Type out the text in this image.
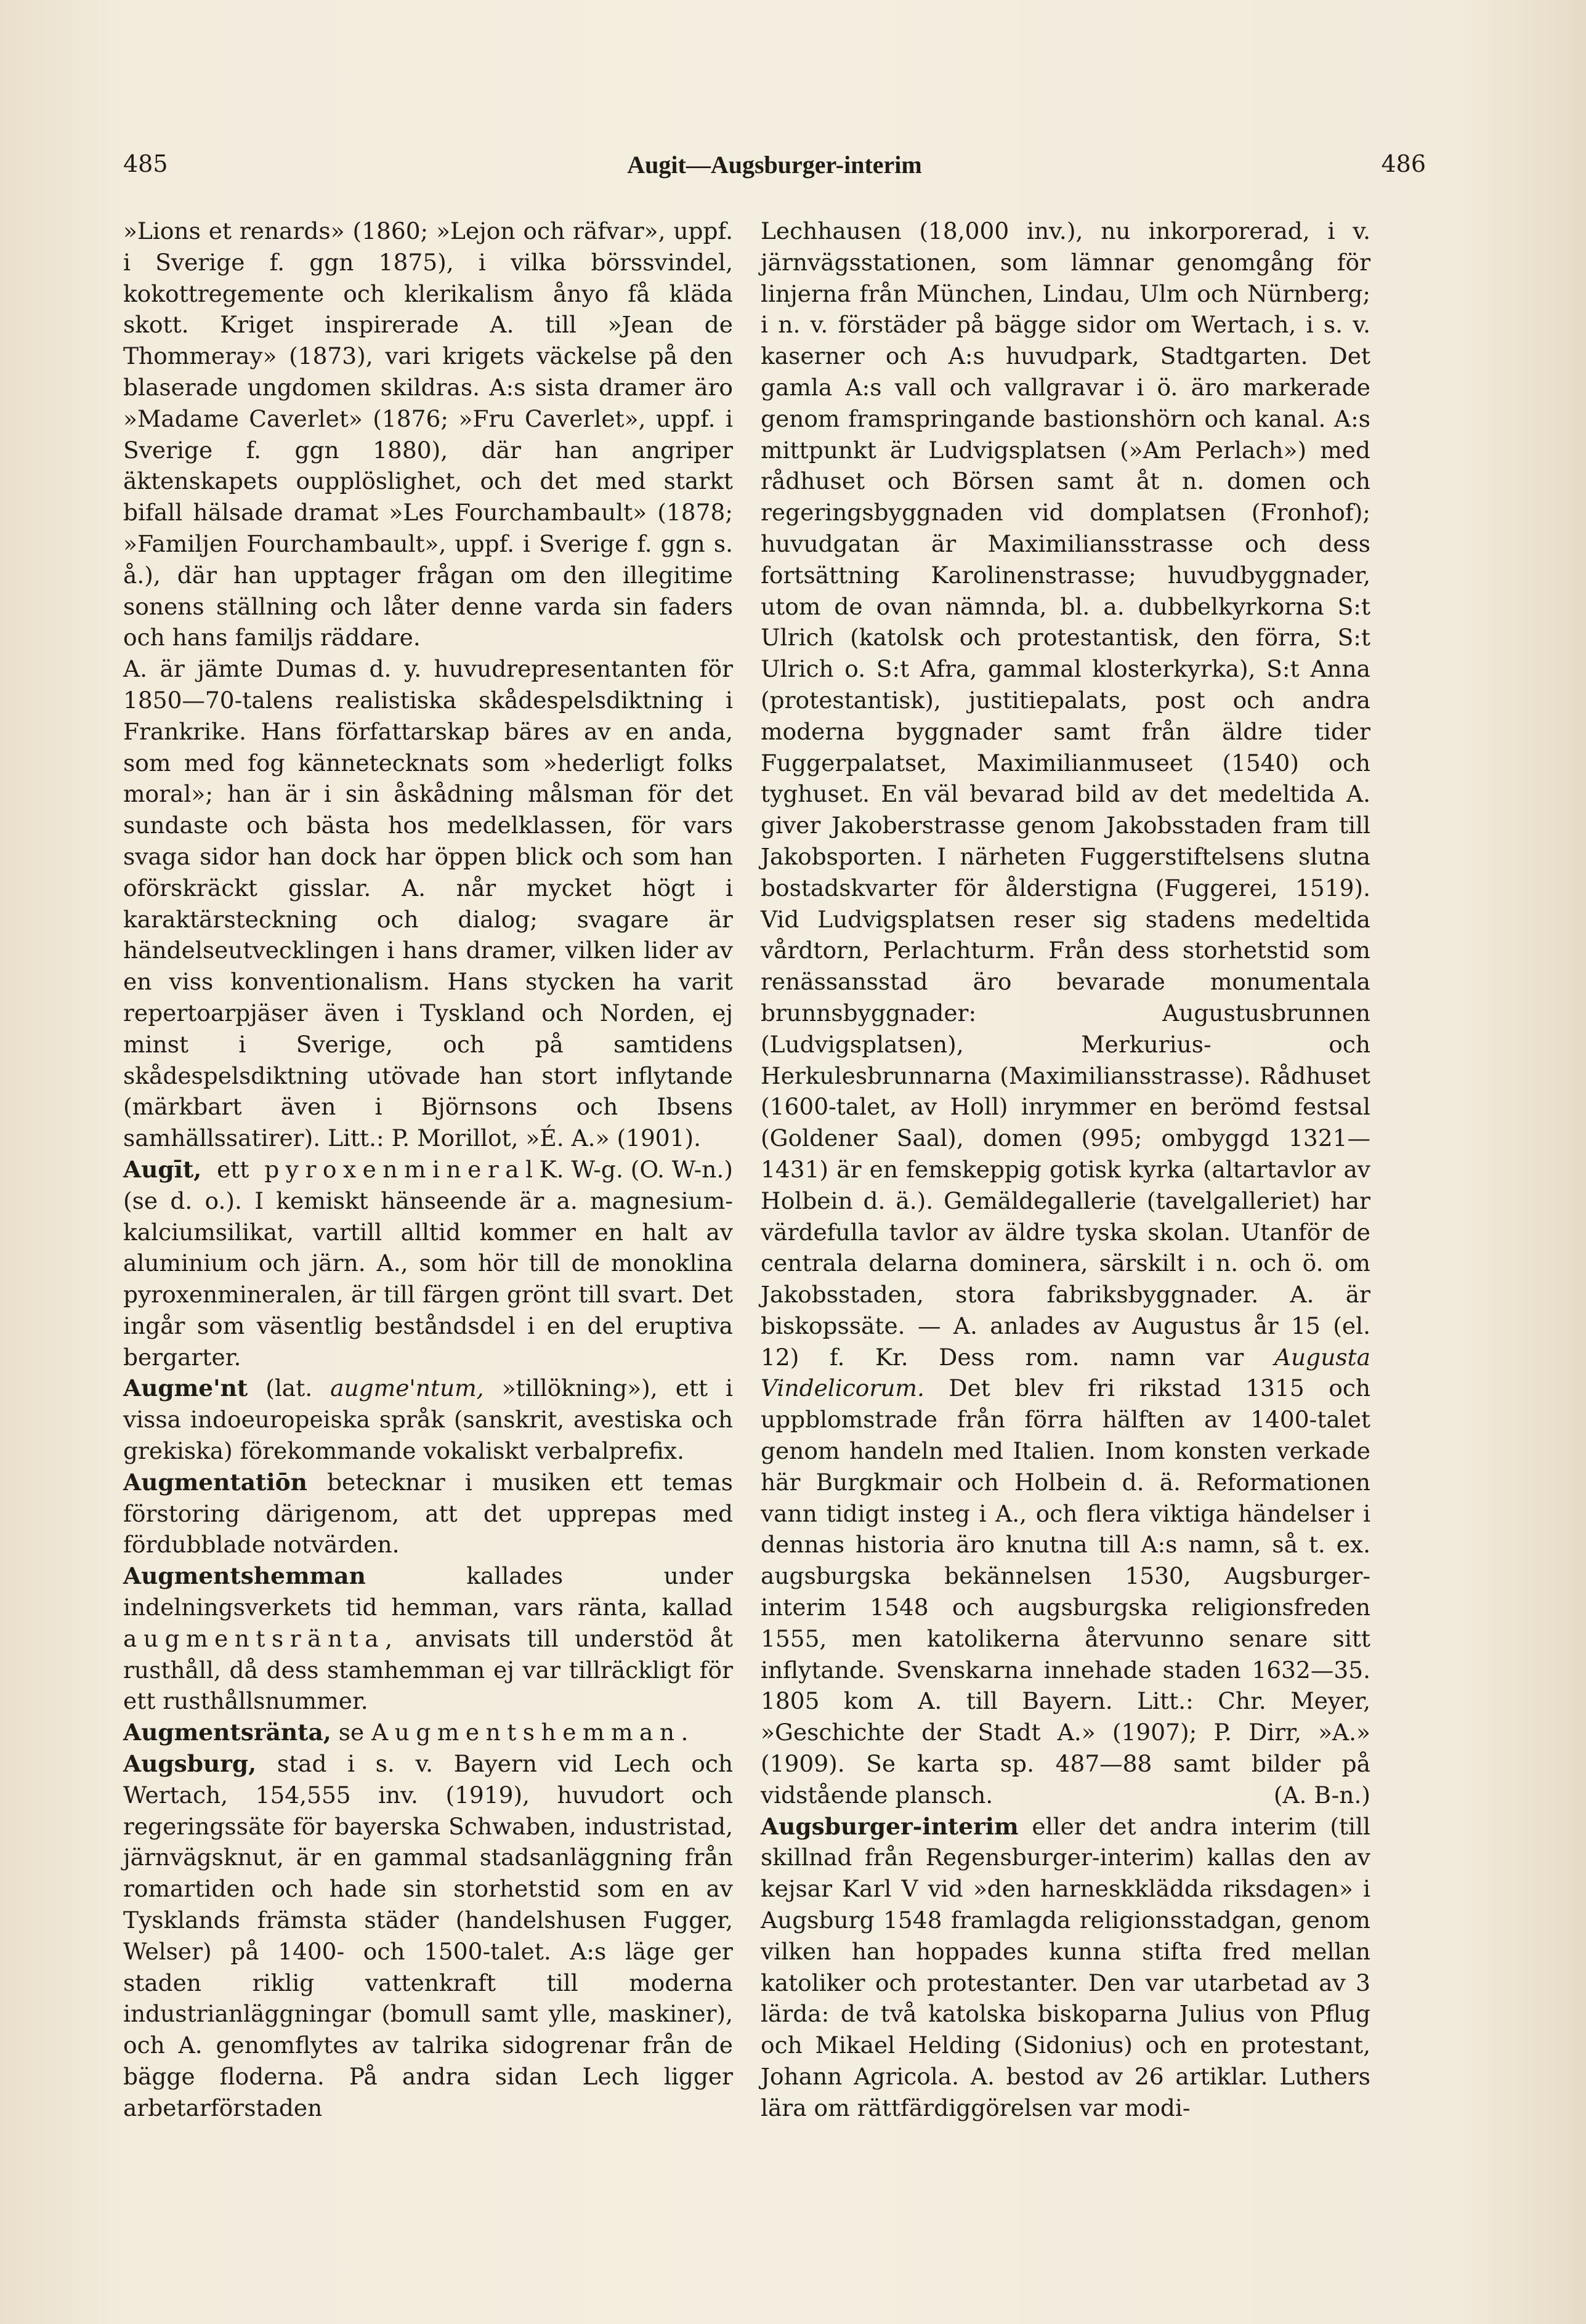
485	Augit—Augsburger-interim	486

»Lions et renards» (1860; »Lejon och räfvar», uppf. i Sverige f. ggn 1875), i vilka börssvindel, kokottregemente och klerikalism ånyo få kläda skott. Kriget inspirerade A. till »Jean de Thommeray» (1873), vari krigets väckelse på den blaserade ungdomen skildras. A:s sista dramer äro »Madame Caverlet» (1876; »Fru Caverlet», uppf. i Sverige f. ggn 1880), där han angriper äktenskapets oupplöslighet, och det med starkt bifall hälsade dramat »Les Fourchambault» (1878; »Familjen Fourchambault», uppf. i Sverige f. ggn s. å.), där han upptager frågan om den illegitime sonens ställning och låter denne varda sin faders och hans familjs räddare.

A. är jämte Dumas d. y. huvudrepresentanten för 1850—70-talens realistiska skådespelsdiktning i Frankrike. Hans författarskap bäres av en anda, som med fog kännetecknats som »hederligt folks moral»; han är i sin åskådning målsman för det sundaste och bästa hos medelklassen, för vars svaga sidor han dock har öppen blick och som han oförskräckt gisslar. A. når mycket högt i karaktärsteckning och dialog; svagare är händelseutvecklingen i hans dramer, vilken lider av en viss konventionalism. Hans stycken ha varit repertoarpjäser även i Tyskland och Norden, ej minst i Sverige, och på samtidens skådespelsdiktning utövade han stort inflytande (märkbart även i Björnsons och Ibsens samhällssatirer). Litt.: P. Morillot, »É. A.» (1901).
K. W-g. (O. W-n.)

Augīt, ett pyroxenmineral (se d. o.). I kemiskt hänseende är a. magnesium-kalciumsilikat, vartill alltid kommer en halt av aluminium och järn. A., som hör till de monoklina pyroxenmineralen, är till färgen grönt till svart. Det ingår som väsentlig beståndsdel i en del eruptiva bergarter.

Augme'nt (lat. augme'ntum, »tillökning»), ett i vissa indoeuropeiska språk (sanskrit, avestiska och grekiska) förekommande vokaliskt verbalprefix.

Augmentatiōn betecknar i musiken ett temas förstoring därigenom, att det upprepas med fördubblade notvärden.

Augmentshemman	kallades under indelningsverkets tid hemman, vars ränta, kallad augmentsränta, anvisats till understöd åt rusthåll, då dess stamhemman ej var tillräckligt för ett rusthållsnummer.

Augmentsränta, se Augmentshemman.

Augsburg, stad i s. v. Bayern vid Lech och Wertach, 154,555 inv. (1919), huvudort och regeringssäte för bayerska Schwaben, industristad, järnvägsknut, är en gammal stadsanläggning från romartiden och hade sin storhetstid som en av Tysklands främsta städer (handelshusen Fugger, Welser) på 1400- och 1500-talet. A:s läge ger staden riklig vattenkraft till moderna industrianläggningar (bomull samt ylle, maskiner), och A. genomflytes av talrika sidogrenar från de bägge floderna. På andra sidan Lech ligger arbetarförstaden

Lechhausen (18,000 inv.), nu inkorporerad, i v. järnvägsstationen, som lämnar genomgång för linjerna från München, Lindau, Ulm och Nürnberg; i n. v. förstäder på bägge sidor om Wertach, i s. v. kaserner och A:s huvudpark, Stadtgarten. Det gamla A:s vall och vallgravar i ö. äro markerade genom framspringande bastionshörn och kanal. A:s mittpunkt är Ludvigsplatsen (»Am Perlach») med rådhuset och Börsen samt åt n. domen och regeringsbyggnaden vid domplatsen (Fronhof); huvudgatan är Maximiliansstrasse och dess fortsättning Karolinenstrasse; huvudbyggnader, utom de ovan nämnda, bl. a. dubbelkyrkorna S:t Ulrich (katolsk och protestantisk, den förra, S:t Ulrich o. S:t Afra, gammal klosterkyrka), S:t Anna (protestantisk), justitiepalats, post och andra moderna byggnader samt från äldre tider Fuggerpalatset, Maximilianmuseet (1540) och tyghuset. En väl bevarad bild av det medeltida A. giver Jakoberstrasse genom Jakobsstaden fram till Jakobsporten. I närheten Fuggerstiftelsens slutna bostadskvarter för ålderstigna (Fuggerei, 1519). Vid Ludvigsplatsen reser sig stadens medeltida vårdtorn, Perlachturm. Från dess storhetstid som renässansstad äro bevarade monumentala brunnsbyggnader: Augustusbrunnen (Ludvigsplatsen), Merkurius- och Herkulesbrunnarna (Maximiliansstrasse). Rådhuset (1600-talet, av Holl) inrymmer en berömd festsal (Goldener Saal), domen (995; ombyggd 1321—1431) är en femskeppig gotisk kyrka (altartavlor av Holbein d. ä.). Gemäldegallerie (tavelgalleriet) har värdefulla tavlor av äldre tyska skolan. Utanför de centrala delarna dominera, särskilt i n. och ö. om Jakobsstaden, stora fabriksbyggnader. A. är biskopssäte. — A. anlades av Augustus år 15 (el. 12) f. Kr. Dess rom. namn var Augusta Vindelicorum. Det blev fri rikstad 1315 och uppblomstrade från förra hälften av 1400-talet genom handeln med Italien. Inom konsten verkade här Burgkmair och Holbein d. ä. Reformationen vann tidigt insteg i A., och flera viktiga händelser i dennas historia äro knutna till A:s namn, så t. ex. augsburgska bekännelsen 1530, Augsburger-interim 1548 och augsburgska religionsfreden 1555, men katolikerna återvunno senare sitt inflytande. Svenskarna innehade staden 1632—35. 1805 kom A. till Bayern. Litt.: Chr. Meyer, »Geschichte der Stadt A.» (1907); P. Dirr, »A.» (1909). Se karta sp. 487—88 samt bilder på vidstående plansch.	(A. B-n.)

Augsburger-interim eller det andra interim (till skillnad från Regensburger-interim) kallas den av kejsar Karl V vid »den harneskklädda riksdagen» i Augsburg 1548 framlagda religionsstadgan, genom vilken han hoppades kunna stifta fred mellan katoliker och protestanter. Den var utarbetad av 3 lärda: de två katolska biskoparna Julius von Pflug och Mikael Helding (Sidonius) och en protestant, Johann Agricola. A. bestod av 26 artiklar. Luthers lära om rättfärdiggörelsen var modi-
